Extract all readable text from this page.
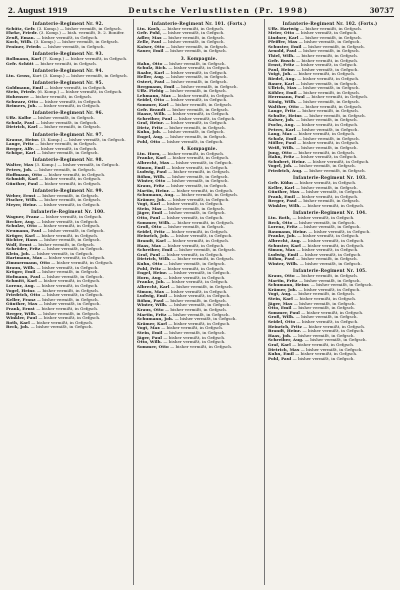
2. August 1919	Deutsche Verlustlisten (Pr. 1998)	30737
Infanterie-Regiment Nr. 92.

Schütz, Gefr. (3. Komp.) — bisher vermißt, in Gefgsch.

Ehrke, Friedr. (3. Komp.) — bish. vermißt, lt. 2. Bonifer.

Zeuß, Eman. — bisher vermißt, in Gefgsch.

Koch, Wilh. (3. Komp.) — bisher vermißt, in Gefgsch.

Feniner, Friedr. — bisher vermißt, in Gefgsch.

Infanterie-Regiment Nr. 93.

Bollmann, Karl (7. Komp.) — bisher vermißt, in Gefgsch.

Gefr. Schütt — bisher vermißt, in Gefgsch.

Infanterie-Regiment Nr. 94.

Ltn. Gross, Kurt (3. Komp.) — bisher vermißt, in Gefgsch.

Infanterie-Regiment Nr. 95.

Goldmann, Emil — bisher vermißt, in Gefgsch.

Stein, Friedr. (6. Komp.) — bisher vermißt, in Gefgsch.

Hohensee — bisher vermißt, in Gefgsch.

Schwarz, Otto — bisher vermißt, in Gefgsch.

Reimers, Joh. — bisher vermißt, in Gefgsch.

Infanterie-Regiment Nr. 96.

Uffz. Kolbe — bisher vermißt, in Gefgsch.

Schulz, Paul — bisher vermißt, in Gefgsch.

Dietrich, Karl — bisher vermißt, in Gefgsch.

Infanterie-Regiment Nr. 97.

Krause, Heinr. (3. Komp.) — bisher vermißt, in Gefgsch.

Lange, Fritz — bisher vermißt, in Gefgsch.

Berger, Alfr. — bisher vermißt, in Gefgsch.

Schöpe, Karl — bisher vermißt, in Gefgsch.

Infanterie-Regiment Nr. 98.

Walter, Max (3. Komp.) — bisher vermißt, in Gefgsch.

Peters, Joh. — bisher vermißt, in Gefgsch.

Hoffmann, Otto — bisher vermißt, in Gefgsch.

Schmidt, Karl — bisher vermißt, in Gefgsch.

Günther, Paul — bisher vermißt, in Gefgsch.

Infanterie-Regiment Nr. 99.

Weber, Ernst — bisher vermißt, in Gefgsch.

Fischer, Wilh. — bisher vermißt, in Gefgsch.

Meyer, Heinr. — bisher vermißt, in Gefgsch.

Infanterie-Regiment Nr. 100.

Wagner, Franz — bisher vermißt, in Gefgsch.

Becker, Aug. — bisher vermißt, in Gefgsch.

Schulze, Otto — bisher vermißt, in Gefgsch.

Neumann, Paul — bisher vermißt, in Gefgsch.

Krüger, Karl — bisher vermißt, in Gefgsch.

Richter, Hans — bisher vermißt, in Gefgsch.

Wolf, Ernst — bisher vermißt, in Gefgsch.

Schröder, Fritz — bisher vermißt, in Gefgsch.

Klein, Joh. — bisher vermißt, in Gefgsch.

Hartmann, Max — bisher vermißt, in Gefgsch.

Zimmermann, Otto — bisher vermißt, in Gefgsch.

Braun, Wilh. — bisher vermißt, in Gefgsch.

Krüger, Emil — bisher vermißt, in Gefgsch.

Hofmann, Paul — bisher vermißt, in Gefgsch.

Schmitt, Karl — bisher vermißt, in Gefgsch.

Lorenz, Aug. — bisher vermißt, in Gefgsch.

Vogel, Heinr. — bisher vermißt, in Gefgsch.

Friedrich, Otto — bisher vermißt, in Gefgsch.

Keller, Franz — bisher vermißt, in Gefgsch.

Günther, Max — bisher vermißt, in Gefgsch.

Frank, Ernst — bisher vermißt, in Gefgsch.

Berger, Wilh. — bisher vermißt, in Gefgsch.

Winkler, Paul — bisher vermißt, in Gefgsch.

Roth, Karl — bisher vermißt, in Gefgsch.

Beck, Joh. — bisher vermißt, in Gefgsch.

Infanterie-Regiment Nr. 101. (Forts.)

Ltn. Koch, — bisher vermißt, in Gefgsch.

Gefr. Pohl, — bisher vermißt, in Gefgsch.

Adler, Max — bisher vermißt, in Gefgsch.

Zelle, Paul — bisher vermißt, in Gefgsch.

Kaiser, Otto — bisher vermißt, in Gefgsch.

Sauer, Emil — bisher vermißt, in Gefgsch.

3. Kompagnie.

Hahn, Otto — bisher vermißt, in Gefgsch.

Schulz, Rich. — bisher vermißt, in Gefgsch.

Raabe, Karl — bisher vermißt, in Gefgsch.

Heller, Aug. — bisher vermißt, in Gefgsch.

Ostert, Paul — bisher vermißt, in Gefgsch.

Bergmann, Emil — bisher vermißt, in Gefgsch.

Uffz. Fiebig — bisher vermißt, in Gefgsch.

Lehmann, Max — bisher vermißt, in Gefgsch.

Seidel, Otto — bisher vermißt, in Gefgsch.

Sommer, Karl — bisher vermißt, in Gefgsch.

Gefr. Brandt — bisher vermißt, in Gefgsch.

Haase, Wilh. — bisher vermißt, in Gefgsch.

Schreiber, Paul — bisher vermißt, in Gefgsch.

Graf, Heinr. — bisher vermißt, in Gefgsch.

Dietz, Fritz — bisher vermißt, in Gefgsch.

Kuhn, Joh. — bisher vermißt, in Gefgsch.

Engel, Aug. — bisher vermißt, in Gefgsch.

Pohl, Otto — bisher vermißt, in Gefgsch.

4. Kompagnie.

Ltn. Horn, — bisher vermißt, in Gefgsch.

Franke, Karl — bisher vermißt, in Gefgsch.

Albrecht, Max — bisher vermißt, in Gefgsch.

Simon, Emil — bisher vermißt, in Gefgsch.

Ludwig, Paul — bisher vermißt, in Gefgsch.

Böhm, Wilh. — bisher vermißt, in Gefgsch.

Winter, Otto — bisher vermißt, in Gefgsch.

Kraus, Fritz — bisher vermißt, in Gefgsch.

Martin, Heinr. — bisher vermißt, in Gefgsch.

Schumann, Aug. — bisher vermißt, in Gefgsch.

Krämer, Joh. — bisher vermißt, in Gefgsch.

Vogt, Karl — bisher vermißt, in Gefgsch.

Stein, Max — bisher vermißt, in Gefgsch.

Jäger, Emil — bisher vermißt, in Gefgsch.

Otto, Paul — bisher vermißt, in Gefgsch.

Sommer, Wilh. — bisher vermißt, in Gefgsch.

Groß, Otto — bisher vermißt, in Gefgsch.

Seidel, Fritz — bisher vermißt, in Gefgsch.

Heinrich, Joh. — bisher vermißt, in Gefgsch.

Brandt, Karl — bisher vermißt, in Gefgsch.

Haas, Max — bisher vermißt, in Gefgsch.

Schreiber, Emil — bisher vermißt, in Gefgsch.

Graf, Paul — bisher vermißt, in Gefgsch.

Dietrich, Wilh. — bisher vermißt, in Gefgsch.

Kuhn, Otto — bisher vermißt, in Gefgsch.

Pohl, Fritz — bisher vermißt, in Gefgsch.

Engel, Heinr. — bisher vermißt, in Gefgsch.

Horn, Aug. — bisher vermißt, in Gefgsch.

Franke, Joh. — bisher vermißt, in Gefgsch.

Albrecht, Karl — bisher vermißt, in Gefgsch.

Simon, Max — bisher vermißt, in Gefgsch.

Ludwig, Emil — bisher vermißt, in Gefgsch.

Böhm, Paul — bisher vermißt, in Gefgsch.

Winter, Wilh. — bisher vermißt, in Gefgsch.

Kraus, Otto — bisher vermißt, in Gefgsch.

Martin, Fritz — bisher vermißt, in Gefgsch.

Schumann, Joh. — bisher vermißt, in Gefgsch.

Krämer, Karl — bisher vermißt, in Gefgsch.

Vogt, Max — bisher vermißt, in Gefgsch.

Stein, Emil — bisher vermißt, in Gefgsch.

Jäger, Paul — bisher vermißt, in Gefgsch.

Otto, Wilh. — bisher vermißt, in Gefgsch.

Sommer, Otto — bisher vermißt, in Gefgsch.

Infanterie-Regiment Nr. 102. (Forts.)

Uffz. Hartwig — bisher vermißt, in Gefgsch.

Meier, Otto — bisher vermißt, in Gefgsch.

Lindner, Karl — bisher vermißt, in Gefgsch.

Pfeiffer, Max — bisher vermißt, in Gefgsch.

Schuster, Emil — bisher vermißt, in Gefgsch.

Arnold, Paul — bisher vermißt, in Gefgsch.

Thiel, Wilh. — bisher vermißt, in Gefgsch.

Gefr. Busch — bisher vermißt, in Gefgsch.

Ernst, Fritz — bisher vermißt, in Gefgsch.

Paul, Heinr. — bisher vermißt, in Gefgsch.

Voigt, Joh. — bisher vermißt, in Gefgsch.

Riedel, Aug. — bisher vermißt, in Gefgsch.

Bauer, Karl — bisher vermißt, in Gefgsch.

Ullrich, Max — bisher vermißt, in Gefgsch.

Köhler, Emil — bisher vermißt, in Gefgsch.

Herrmann, Paul — bisher vermißt, in Gefgsch.

König, Wilh. — bisher vermißt, in Gefgsch.

Walther, Otto — bisher vermißt, in Gefgsch.

Lange, Fritz — bisher vermißt, in Gefgsch.

Schulte, Heinr. — bisher vermißt, in Gefgsch.

Kaiser, Joh. — bisher vermißt, in Gefgsch.

Fuchs, Aug. — bisher vermißt, in Gefgsch.

Peters, Karl — bisher vermißt, in Gefgsch.

Lang, Max — bisher vermißt, in Gefgsch.

Scholz, Emil — bisher vermißt, in Gefgsch.

Möller, Paul — bisher vermißt, in Gefgsch.

Weiß, Wilh. — bisher vermißt, in Gefgsch.

Jung, Otto — bisher vermißt, in Gefgsch.

Hahn, Fritz — bisher vermißt, in Gefgsch.

Schubert, Heinr. — bisher vermißt, in Gefgsch.

Vogel, Joh. — bisher vermißt, in Gefgsch.

Friedrich, Aug. — bisher vermißt, in Gefgsch.

Infanterie-Regiment Nr. 103.

Gefr. Kühn — bisher vermißt, in Gefgsch.

Keller, Karl — bisher vermißt, in Gefgsch.

Günther, Max — bisher vermißt, in Gefgsch.

Frank, Emil — bisher vermißt, in Gefgsch.

Berger, Paul — bisher vermißt, in Gefgsch.

Winkler, Wilh. — bisher vermißt, in Gefgsch.

Infanterie-Regiment Nr. 104.

Ltn. Roth, — bisher vermißt, in Gefgsch.

Beck, Otto — bisher vermißt, in Gefgsch.

Lorenz, Fritz — bisher vermißt, in Gefgsch.

Baumann, Heinr. — bisher vermißt, in Gefgsch.

Franke, Joh. — bisher vermißt, in Gefgsch.

Albrecht, Aug. — bisher vermißt, in Gefgsch.

Schuster, Karl — bisher vermißt, in Gefgsch.

Simon, Max — bisher vermißt, in Gefgsch.

Ludwig, Emil — bisher vermißt, in Gefgsch.

Böhm, Paul — bisher vermißt, in Gefgsch.

Winter, Wilh. — bisher vermißt, in Gefgsch.

Infanterie-Regiment Nr. 105.

Kraus, Otto — bisher vermißt, in Gefgsch.

Martin, Fritz — bisher vermißt, in Gefgsch.

Schumann, Heinr. — bisher vermißt, in Gefgsch.

Krämer, Joh. — bisher vermißt, in Gefgsch.

Vogt, Aug. — bisher vermißt, in Gefgsch.

Stein, Karl — bisher vermißt, in Gefgsch.

Jäger, Max — bisher vermißt, in Gefgsch.

Otto, Emil — bisher vermißt, in Gefgsch.

Sommer, Paul — bisher vermißt, in Gefgsch.

Groß, Wilh. — bisher vermißt, in Gefgsch.

Seidel, Otto — bisher vermißt, in Gefgsch.

Heinrich, Fritz — bisher vermißt, in Gefgsch.

Brandt, Heinr. — bisher vermißt, in Gefgsch.

Haas, Joh. — bisher vermißt, in Gefgsch.

Schreiber, Aug. — bisher vermißt, in Gefgsch.

Graf, Karl — bisher vermißt, in Gefgsch.

Dietrich, Max — bisher vermißt, in Gefgsch.

Kuhn, Emil — bisher vermißt, in Gefgsch.

Pohl, Paul — bisher vermißt, in Gefgsch.
